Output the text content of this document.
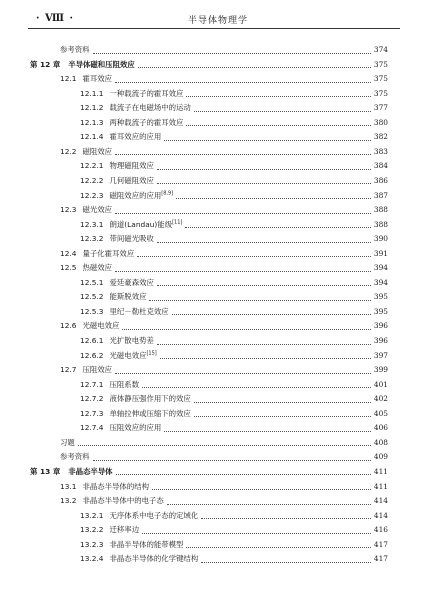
· Ⅷ ·	半导体物理学
参考资料	374
第 12 章	半导体磁和压阻效应	375
12.1 霍耳效应	375
12.1.1 一种载流子的霍耳效应	375
12.1.2 载流子在电磁场中的运动	377
12.1.3 两种载流子的霍耳效应	380
12.1.4 霍耳效应的应用	382
12.2 磁阻效应	383
12.2.1 物理磁阻效应	384
12.2.2 几何磁阻效应	386
12.2.3 磁阻效应的应用[8,9]	387
12.3 磁光效应	388
12.3.1 朗道(Landau)能级[11]	388
12.3.2 带间磁光吸收	390
12.4 量子化霍耳效应	391
12.5 热磁效应	394
12.5.1 爱廷豪森效应	394
12.5.2 能斯脱效应	395
12.5.3 里纪－勒杜克效应	395
12.6 光磁电效应	396
12.6.1 光扩散电势差	396
12.6.2 光磁电效应[15]	397
12.7 压阻效应	399
12.7.1 压阻系数	401
12.7.2 液体静压强作用下的效应	402
12.7.3 单轴拉伸或压缩下的效应	405
12.7.4 压阻效应的应用	406
习题	408
参考资料	409
第 13 章	非晶态半导体	411
13.1 非晶态半导体的结构	411
13.2 非晶态半导体中的电子态	414
13.2.1 无序体系中电子态的定域化	414
13.2.2 迁移率边	416
13.2.3 非晶半导体的能带模型	417
13.2.4 非晶态半导体的化学键结构	417
